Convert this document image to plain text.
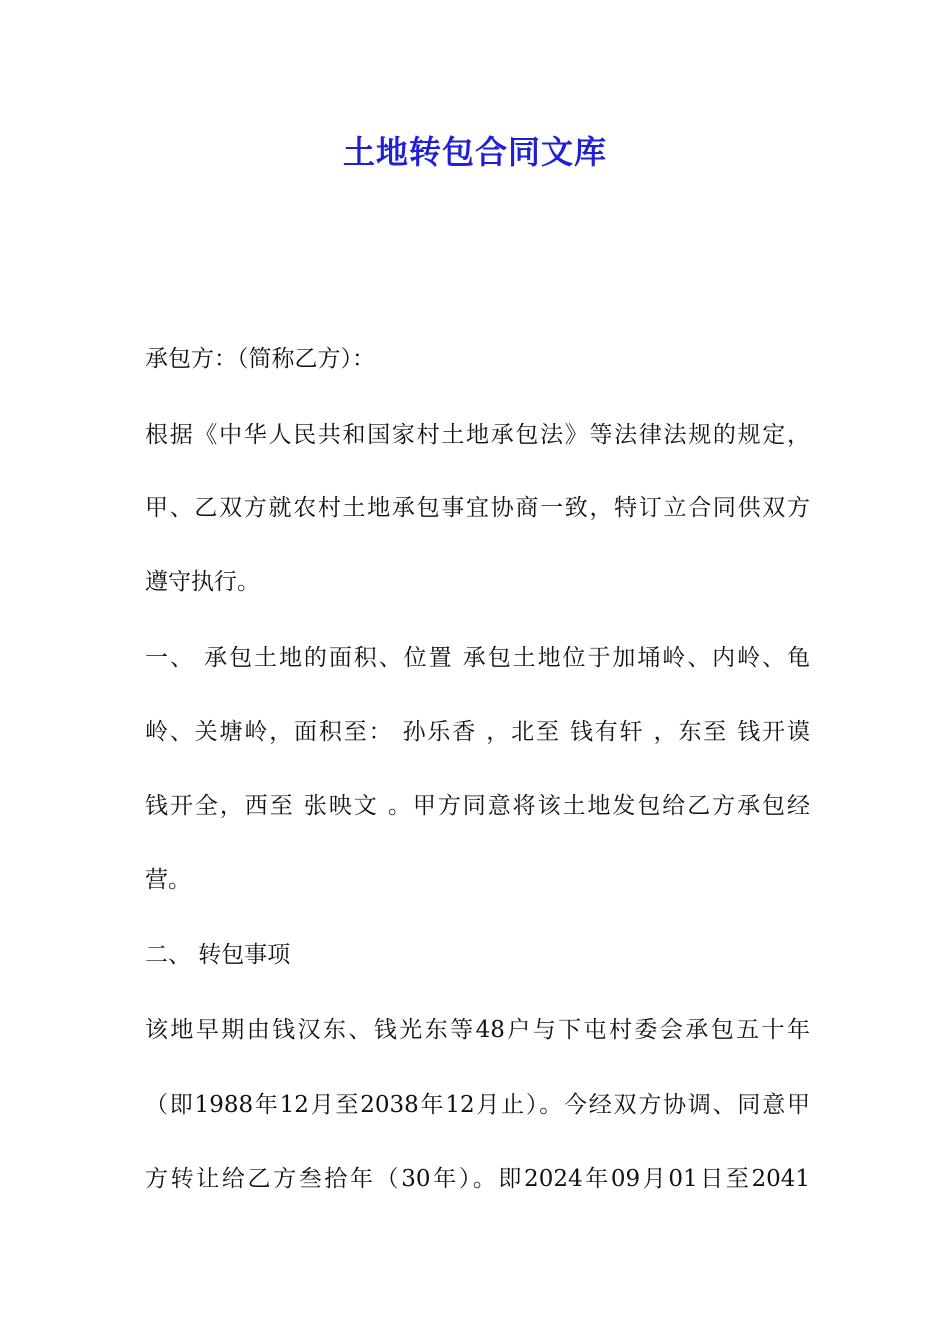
土地转包合同文库
承包方：（简称乙方）：
根据《中华人民共和国家村土地承包法》等法律法规的规定，
甲、乙双方就农村土地承包事宜协商一致，特订立合同供双方
遵守执行。
一、 承包土地的面积、位置 承包土地位于加埇岭、内岭、龟
岭、关塘岭，面积至： 孙乐香 ，北至 钱有轩 ，东至 钱开谟
钱开全，西至 张映文 。甲方同意将该土地发包给乙方承包经
营。
二、 转包事项
该地早期由钱汉东、钱光东等48户与下屯村委会承包五十年
（即1988年12月至2038年12月止）。今经双方协调、同意甲
方转让给乙方叁拾年（30年）。即2024年09月01日至2041
